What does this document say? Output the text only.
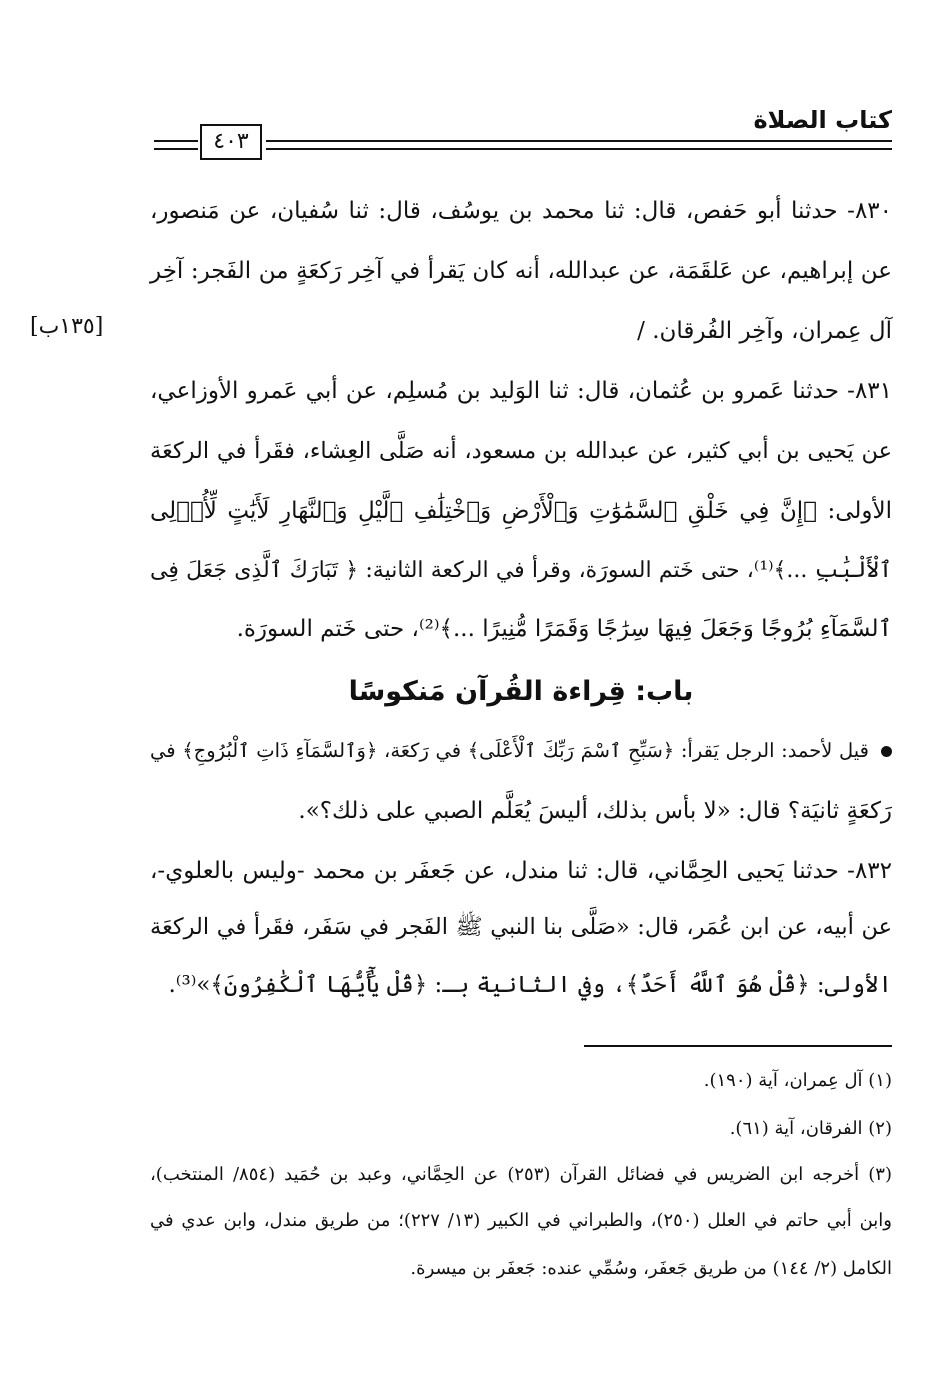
كتاب الصلاة
٤٠٣
٨٣٠- حدثنا أبو حَفص، قال: ثنا محمد بن يوسُف، قال: ثنا سُفيان، عن مَنصور،
عن إبراهيم، عن عَلقَمَة، عن عبدالله، أنه كان يَقرأ في آخِر رَكعَةٍ من الفَجر: آخِر
آل عِمران، وآخِر الفُرقان. /
[١٣٥ب]
٨٣١- حدثنا عَمرو بن عُثمان، قال: ثنا الوَليد بن مُسلِم، عن أبي عَمرو الأوزاعي،
عن يَحيى بن أبي كثير، عن عبدالله بن مسعود، أنه صَلَّى العِشاء، فقَرأ في الركعَة
الأولى: ﴿إِنَّ فِي خَلْقِ ٱلسَّمَٰوَٰتِ وَٱلْأَرْضِ وَٱخْتِلَٰفِ ٱلَّيْلِ وَٱلنَّهَارِ لَأَيَٰتٍ لِّأُو۟لِى
ٱلْأَلْبَٰبِ ...﴾⁽¹⁾، حتى خَتم السورَة، وقرأ في الركعة الثانية: ﴿ تَبَارَكَ ٱلَّذِى جَعَلَ فِى
ٱلسَّمَآءِ بُرُوجًا وَجَعَلَ فِيهَا سِرَٰجًا وَقَمَرًا مُّنِيرًا ...﴾⁽²⁾، حتى خَتم السورَة.
باب: قِراءة القُرآن مَنكوسًا
قيل لأحمد: الرجل يَقرأ: ﴿سَبِّحِ ٱسْمَ رَبِّكَ ٱلْأَعْلَى﴾ في رَكعَة، ﴿وَٱلسَّمَآءِ ذَاتِ ٱلْبُرُوجِ﴾ في
رَكعَةٍ ثانيَة؟ قال: «لا بأس بذلك، أليسَ يُعَلَّم الصبي على ذلك؟».
٨٣٢- حدثنا يَحيى الحِمَّاني، قال: ثنا مندل، عن جَعفَر بن محمد -وليس بالعلوي-،
عن أبيه، عن ابن عُمَر، قال: «صَلَّى بنا النبي ﷺ الفَجر في سَفَر، فقَرأ في الركعَة
الأولى: ﴿قُلْ هُوَ ٱللَّهُ أَحَدٌ﴾، وفي الثانية بـ: ﴿قُلْ يَٰٓأَيُّهَا ٱلْكَٰفِرُونَ﴾»⁽³⁾.
(١) آل عِمران، آية (١٩٠).
(٢) الفرقان، آية (٦١).
(٣) أخرجه ابن الضريس في فضائل القرآن (٢٥٣) عن الحِمَّاني، وعبد بن حُمَيد (٨٥٤/ المنتخب)،
وابن أبي حاتم في العلل (٢٥٠)، والطبراني في الكبير (١٣/ ٢٢٧)؛ من طريق مندل، وابن عدي في
الكامل (٢/ ١٤٤) من طريق جَعفَر، وسُمِّي عنده: جَعفَر بن ميسرة.
